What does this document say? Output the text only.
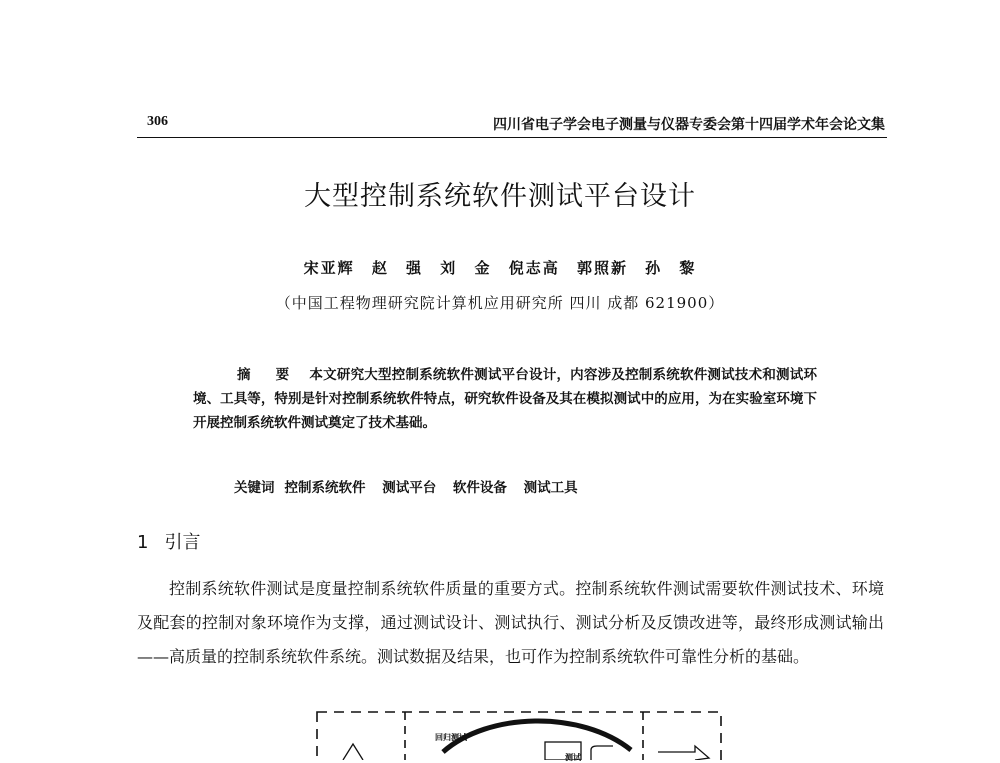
306	四川省电子学会电子测量与仪器专委会第十四届学术年会论文集
大型控制系统软件测试平台设计
宋亚辉 赵 强 刘 金 倪志高 郭照新 孙 黎
（中国工程物理研究院计算机应用研究所 四川 成都 621900）
摘 要 本文研究大型控制系统软件测试平台设计，内容涉及控制系统软件测试技术和测试环境、工具等，特别是针对控制系统软件特点，研究软件设备及其在模拟测试中的应用，为在实验室环境下开展控制系统软件测试奠定了技术基础。
关键词 控制系统软件 测试平台 软件设备 测试工具
1 引言
控制系统软件测试是度量控制系统软件质量的重要方式。控制系统软件测试需要软件测试技术、环境及配套的控制对象环境作为支撑，通过测试设计、测试执行、测试分析及反馈改进等，最终形成测试输出——高质量的控制系统软件系统。测试数据及结果，也可作为控制系统软件可靠性分析的基础。
回归测试
测试
